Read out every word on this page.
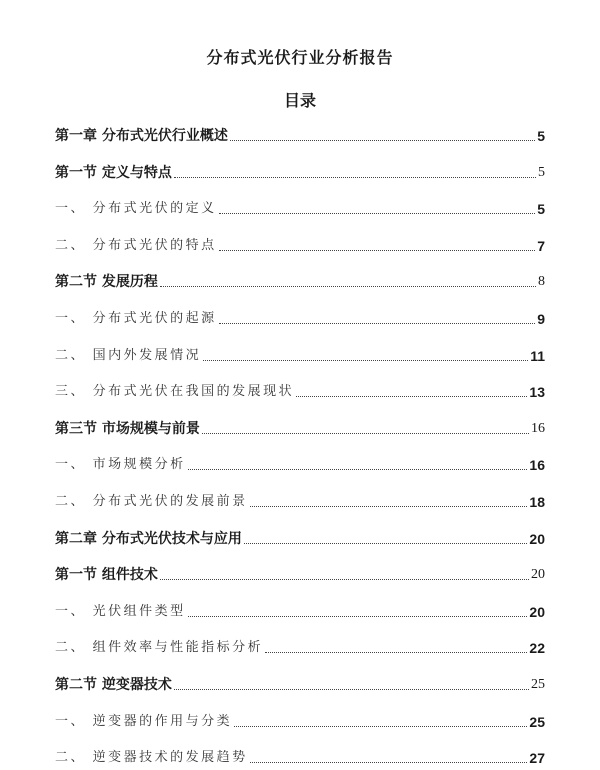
分布式光伏行业分析报告
目录
第一章 分布式光伏行业概述	5
第一节 定义与特点	5
一、 分布式光伏的定义	5
二、 分布式光伏的特点	7
第二节 发展历程	8
一、 分布式光伏的起源	9
二、 国内外发展情况	11
三、 分布式光伏在我国的发展现状	13
第三节 市场规模与前景	16
一、 市场规模分析	16
二、 分布式光伏的发展前景	18
第二章 分布式光伏技术与应用	20
第一节 组件技术	20
一、 光伏组件类型	20
二、 组件效率与性能指标分析	22
第二节 逆变器技术	25
一、 逆变器的作用与分类	25
二、 逆变器技术的发展趋势	27
